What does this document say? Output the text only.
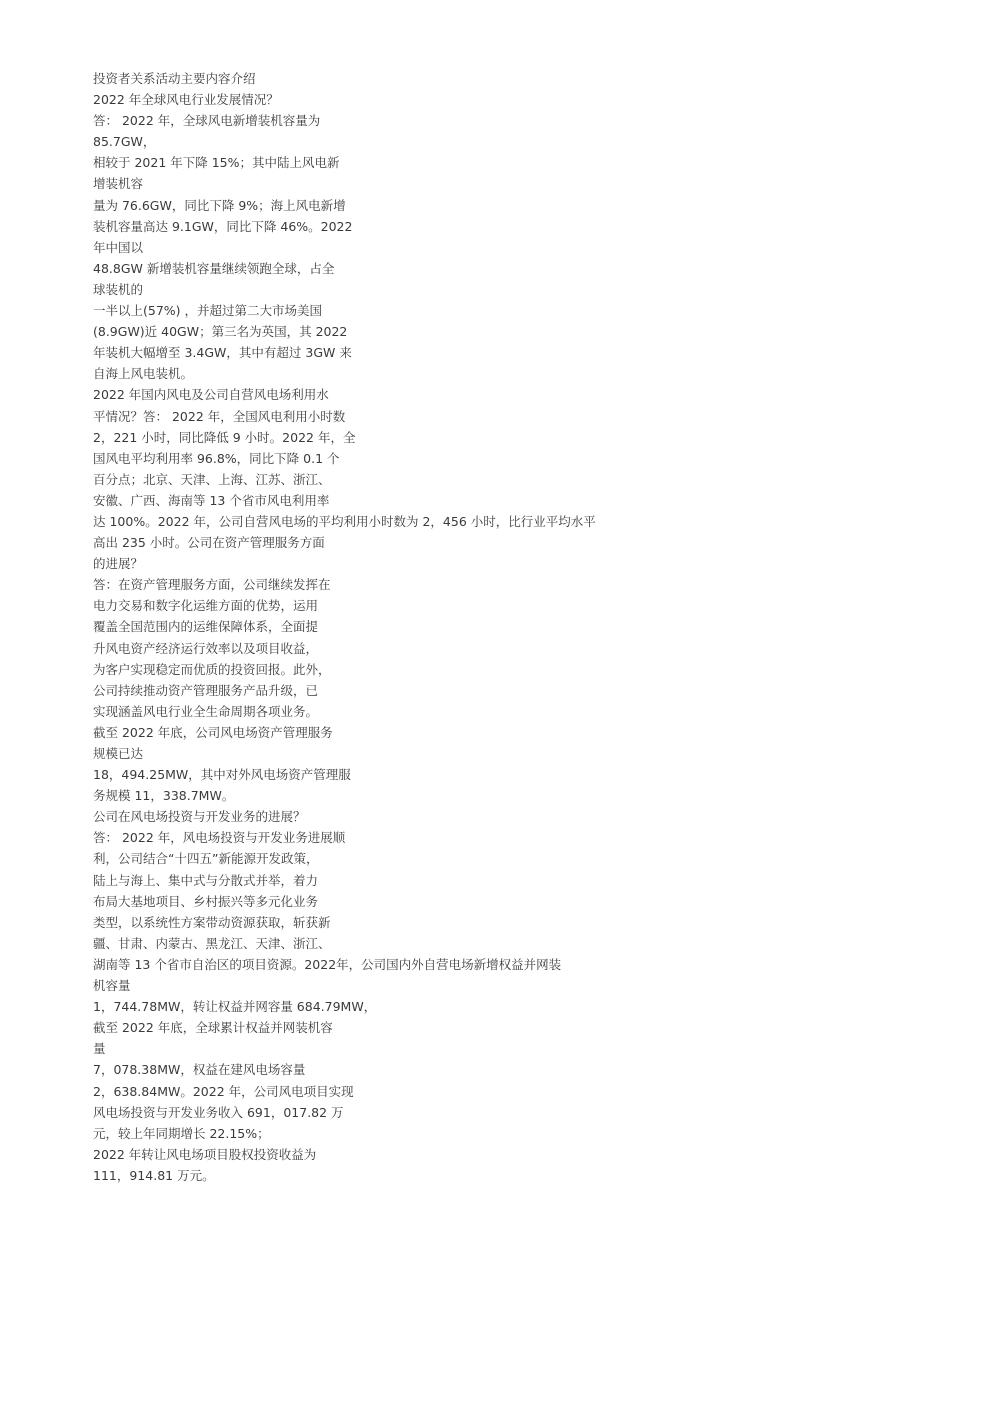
投资者关系活动主要内容介绍
2022 年全球风电行业发展情况？
答： 2022 年，全球风电新增装机容量为
85.7GW，
相较于 2021 年下降 15%；其中陆上风电新
增装机容
量为 76.6GW，同比下降 9%；海上风电新增
装机容量高达 9.1GW，同比下降 46%。2022
年中国以
48.8GW 新增装机容量继续领跑全球，占全
球装机的
一半以上(57%) ，并超过第二大市场美国
(8.9GW)近 40GW；第三名为英国，其 2022
年装机大幅增至 3.4GW，其中有超过 3GW 来
自海上风电装机。
2022 年国内风电及公司自营风电场利用水
平情况？答： 2022 年，全国风电利用小时数
2，221 小时，同比降低 9 小时。2022 年，全
国风电平均利用率 96.8%，同比下降 0.1 个
百分点；北京、天津、上海、江苏、浙江、
安徽、广西、海南等 13 个省市风电利用率
达 100%。2022 年，公司自营风电场的平均利用小时数为 2，456 小时，比行业平均水平
高出 235 小时。公司在资产管理服务方面
的进展？
答：在资产管理服务方面，公司继续发挥在
电力交易和数字化运维方面的优势，运用
覆盖全国范围内的运维保障体系，全面提
升风电资产经济运行效率以及项目收益，
为客户实现稳定而优质的投资回报。此外，
公司持续推动资产管理服务产品升级，已
实现涵盖风电行业全生命周期各项业务。
截至 2022 年底，公司风电场资产管理服务
规模已达
18，494.25MW，其中对外风电场资产管理服
务规模 11，338.7MW。
公司在风电场投资与开发业务的进展？
答： 2022 年，风电场投资与开发业务进展顺
利，公司结合“十四五”新能源开发政策，
陆上与海上、集中式与分散式并举，着力
布局大基地项目、乡村振兴等多元化业务
类型，以系统性方案带动资源获取，斩获新
疆、甘肃、内蒙古、黑龙江、天津、浙江、
湖南等 13 个省市自治区的项目资源。2022年，公司国内外自营电场新增权益并网装
机容量
1，744.78MW，转让权益并网容量 684.79MW，
截至 2022 年底，全球累计权益并网装机容
量
7，078.38MW，权益在建风电场容量
2，638.84MW。2022 年，公司风电项目实现
风电场投资与开发业务收入 691，017.82 万
元，较上年同期增长 22.15%；
2022 年转让风电场项目股权投资收益为
111，914.81 万元。
